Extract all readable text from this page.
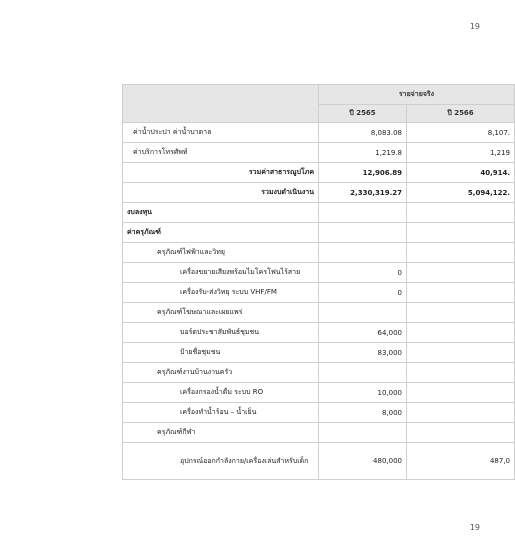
19
	รายจ่ายจริง	
	ปี 2565	ปี 2566
ค่าน้ำประปา ค่าน้ำบาดาล	8,083.08	8,107.
ค่าบริการโทรศัพท์	1,219.8	1,219
รวมค่าสาธารณูปโภค	12,906.89	40,914.
รวมงบดำเนินงาน	2,330,319.27	5,094,122.
งบลงทุน		
ค่าครุภัณฑ์		
ครุภัณฑ์ไฟฟ้าและวิทยุ		
เครื่องขยายเสียงพร้อมไมโครโฟนไร้สาย	0	
เครื่องรับ-ส่งวิทยุ ระบบ VHF/FM	0	
ครุภัณฑ์โฆษณาและเผยแพร่		
บอร์ดประชาสัมพันธ์ชุมชน	64,000	
ป้ายชื่อชุมชน	83,000	
ครุภัณฑ์งานบ้านงานครัว		
เครื่องกรองน้ำดื่ม ระบบ RO	10,000	
เครื่องทำน้ำร้อน – น้ำเย็น	8,000	
ครุภัณฑ์กีฬา		
อุปกรณ์ออกกำลังกาย/เครื่องเล่นสำหรับเด็ก	480,000	487,0
19
